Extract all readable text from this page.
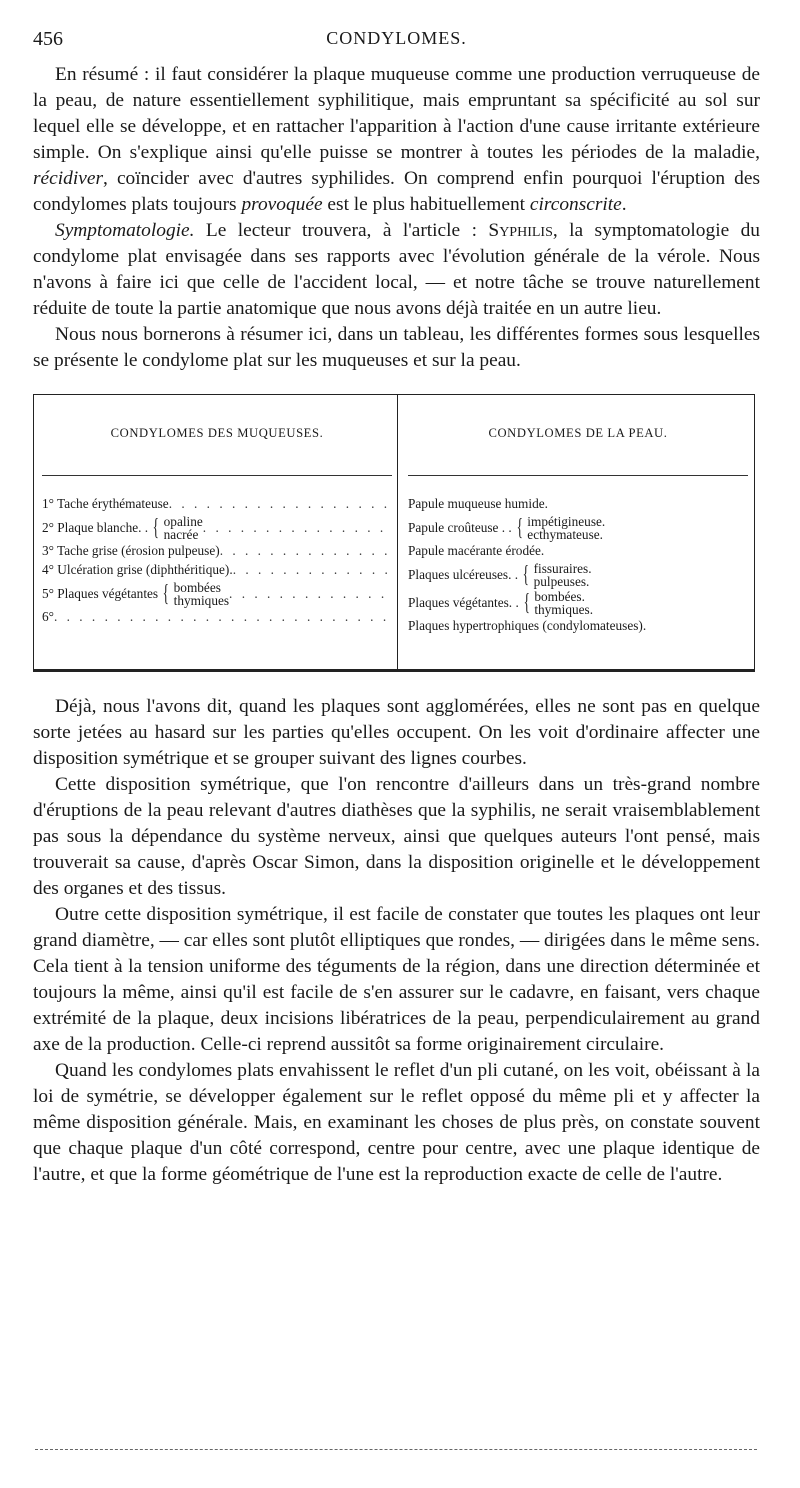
456	CONDYLOMES.

En résumé : il faut considérer la plaque muqueuse comme une production verruqueuse de la peau, de nature essentiellement syphilitique, mais empruntant sa spécificité au sol sur lequel elle se développe, et en rattacher l'apparition à l'action d'une cause irritante extérieure simple. On s'explique ainsi qu'elle puisse se montrer à toutes les périodes de la maladie, récidiver, coïncider avec d'autres syphilides. On comprend enfin pourquoi l'éruption des condylomes plats toujours provoquée est le plus habituellement circonscrite.

Symptomatologie. Le lecteur trouvera, à l'article : Syphilis, la symptomatologie du condylome plat envisagée dans ses rapports avec l'évolution générale de la vérole. Nous n'avons à faire ici que celle de l'accident local, — et notre tâche se trouve naturellement réduite de toute la partie anatomique que nous avons déjà traitée en un autre lieu.

Nous nous bornerons à résumer ici, dans un tableau, les différentes formes sous lesquelles se présente le condylome plat sur les muqueuses et sur la peau.

CONDYLOMES DES MUQUEUSES.
1° Tache érythémateuse
. . .
2° Plaque blanche. . { opaline
nacrée
. . .
3° Tache grise (érosion pulpeuse)
. . .
4° Ulcération grise (diphthéritique).
. . .
5° Plaques végétantes { bombées
thymiques
. . .
6°
. . .
CONDYLOMES DE LA PEAU.
Papule muqueuse humide.
Papule croûteuse . . { impétigineuse.
ecthymateuse.
Papule macérante érodée.
Plaques ulcéreuses. . { fissuraires.
pulpeuses.
Plaques végétantes. . { bombées.
thymiques.
Plaques hypertrophiques (condylomateuses).

Déjà, nous l'avons dit, quand les plaques sont agglomérées, elles ne sont pas en quelque sorte jetées au hasard sur les parties qu'elles occupent. On les voit d'ordinaire affecter une disposition symétrique et se grouper suivant des lignes courbes.

Cette disposition symétrique, que l'on rencontre d'ailleurs dans un très-grand nombre d'éruptions de la peau relevant d'autres diathèses que la syphilis, ne serait vraisemblablement pas sous la dépendance du système nerveux, ainsi que quelques auteurs l'ont pensé, mais trouverait sa cause, d'après Oscar Simon, dans la disposition originelle et le développement des organes et des tissus.

Outre cette disposition symétrique, il est facile de constater que toutes les plaques ont leur grand diamètre, — car elles sont plutôt elliptiques que rondes, — dirigées dans le même sens. Cela tient à la tension uniforme des téguments de la région, dans une direction déterminée et toujours la même, ainsi qu'il est facile de s'en assurer sur le cadavre, en faisant, vers chaque extrémité de la plaque, deux incisions libératrices de la peau, perpendiculairement au grand axe de la production. Celle-ci reprend aussitôt sa forme originairement circulaire.

Quand les condylomes plats envahissent le reflet d'un pli cutané, on les voit, obéissant à la loi de symétrie, se développer également sur le reflet opposé du même pli et y affecter la même disposition générale. Mais, en examinant les choses de plus près, on constate souvent que chaque plaque d'un côté correspond, centre pour centre, avec une plaque identique de l'autre, et que la forme géométrique de l'une est la reproduction exacte de celle de l'autre.
